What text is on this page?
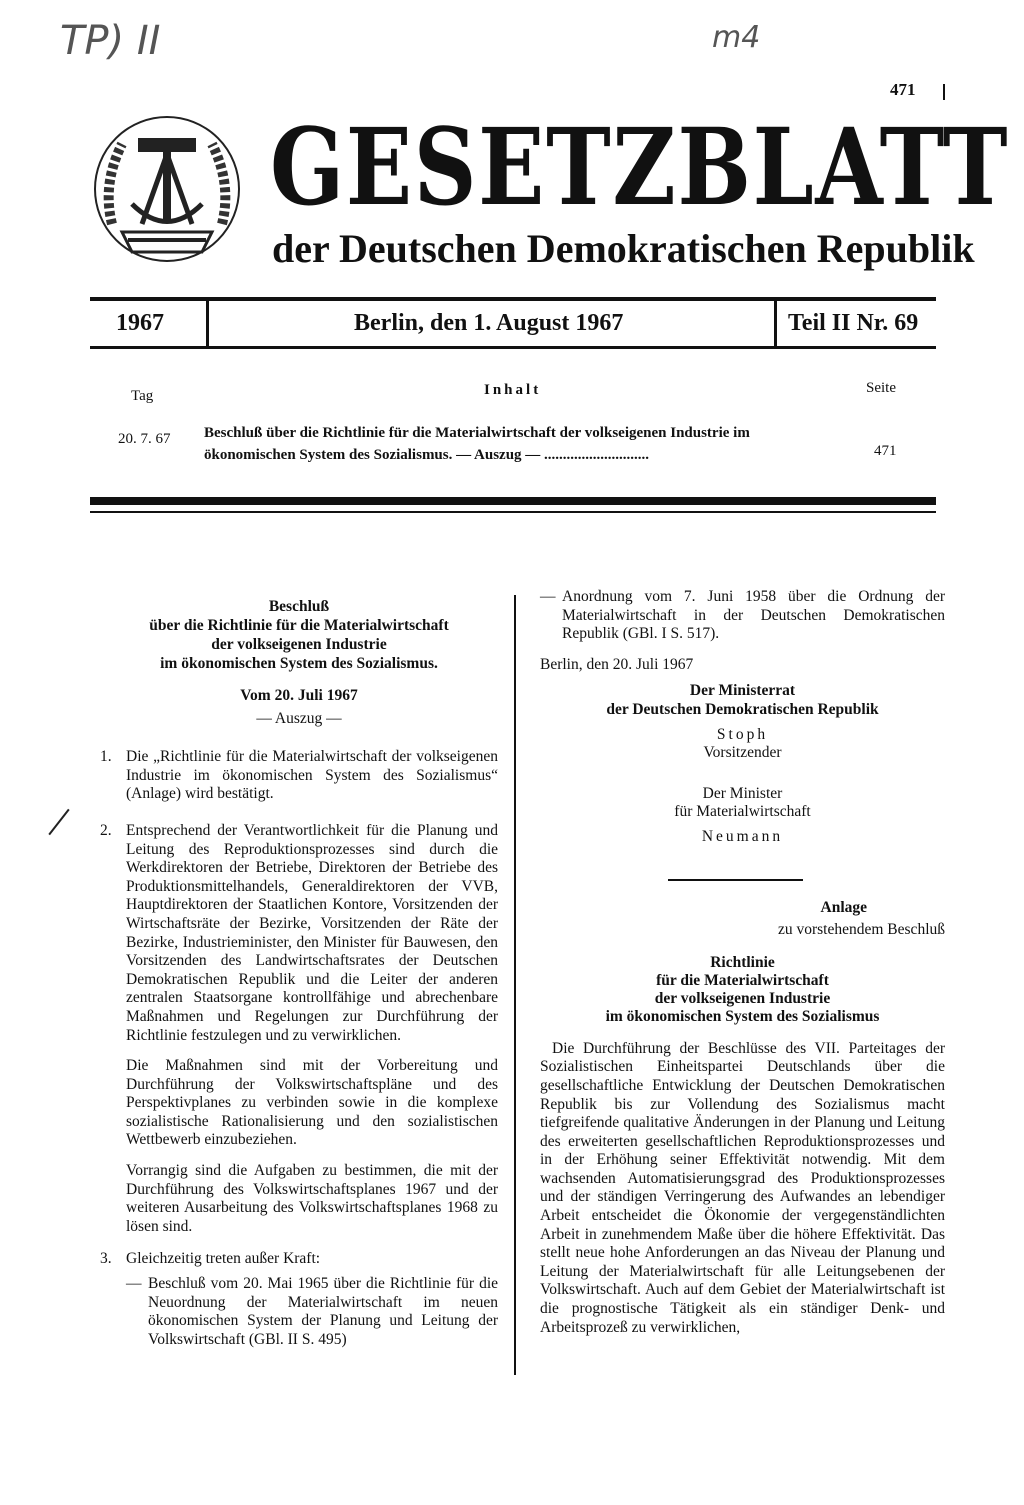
TP) II	m4
471
GESETZBLATT
der Deutschen Demokratischen Republik
1967	Berlin, den 1. August 1967	Teil II Nr. 69
Tag	Inhalt	Seite
20. 7. 67 Beschluß über die Richtlinie für die Materialwirtschaft der volkseigenen Industrie im ökonomischen System des Sozialismus. — Auszug — ............................	471
Beschluß
über die Richtlinie für die Materialwirtschaft
der volkseigenen Industrie
im ökonomischen System des Sozialismus.
Vom 20. Juli 1967
— Auszug —
1. Die „Richtlinie für die Materialwirtschaft der volkseigenen Industrie im ökonomischen System des Sozialismus“ (Anlage) wird bestätigt.
2. Entsprechend der Verantwortlichkeit für die Planung und Leitung des Reproduktionsprozesses sind durch die Werkdirektoren der Betriebe, Direktoren der Betriebe des Produktionsmittelhandels, Generaldirektoren der VVB, Hauptdirektoren der Staatlichen Kontore, Vorsitzenden der Wirtschaftsräte der Bezirke, Vorsitzenden der Räte der Bezirke, Industrieminister, den Minister für Bauwesen, den Vorsitzenden des Landwirtschaftsrates der Deutschen Demokratischen Republik und die Leiter der anderen zentralen Staatsorgane kontrollfähige und abrechenbare Maßnahmen und Regelungen zur Durchführung der Richtlinie festzulegen und zu verwirklichen.

Die Maßnahmen sind mit der Vorbereitung und Durchführung der Volkswirtschaftspläne und des Perspektivplanes zu verbinden sowie in die komplexe sozialistische Rationalisierung und den sozialistischen Wettbewerb einzubeziehen.

Vorrangig sind die Aufgaben zu bestimmen, die mit der Durchführung des Volkswirtschaftsplanes 1967 und der weiteren Ausarbeitung des Volkswirtschaftsplanes 1968 zu lösen sind.

3. Gleichzeitig treten außer Kraft:
— Beschluß vom 20. Mai 1965 über die Richtlinie für die Neuordnung der Materialwirtschaft im neuen ökonomischen System der Planung und Leitung der Volkswirtschaft (GBl. II S. 495)
— Anordnung vom 7. Juni 1958 über die Ordnung der Materialwirtschaft in der Deutschen Demokratischen Republik (GBl. I S. 517).
Berlin, den 20. Juli 1967
Der Ministerrat
der Deutschen Demokratischen Republik
Stoph
Vorsitzender
Der Minister
für Materialwirtschaft
Neumann
Anlage
zu vorstehendem Beschluß
Richtlinie
für die Materialwirtschaft
der volkseigenen Industrie
im ökonomischen System des Sozialismus

Die Durchführung der Beschlüsse des VII. Parteitages der Sozialistischen Einheitspartei Deutschlands über die gesellschaftliche Entwicklung der Deutschen Demokratischen Republik bis zur Vollendung des Sozialismus macht tiefgreifende qualitative Änderungen in der Planung und Leitung des erweiterten gesellschaftlichen Reproduktionsprozesses und in der Erhöhung seiner Effektivität notwendig. Mit dem wachsenden Automatisierungsgrad des Produktionsprozesses und der ständigen Verringerung des Aufwandes an lebendiger Arbeit entscheidet die Ökonomie der vergegenständlichten Arbeit in zunehmendem Maße über die höhere Effektivität. Das stellt neue hohe Anforderungen an das Niveau der Planung und Leitung der Materialwirtschaft für alle Leitungsebenen der Volkswirtschaft. Auch auf dem Gebiet der Materialwirtschaft ist die prognostische Tätigkeit als ein ständiger Denk- und Arbeitsprozeß zu verwirklichen,
